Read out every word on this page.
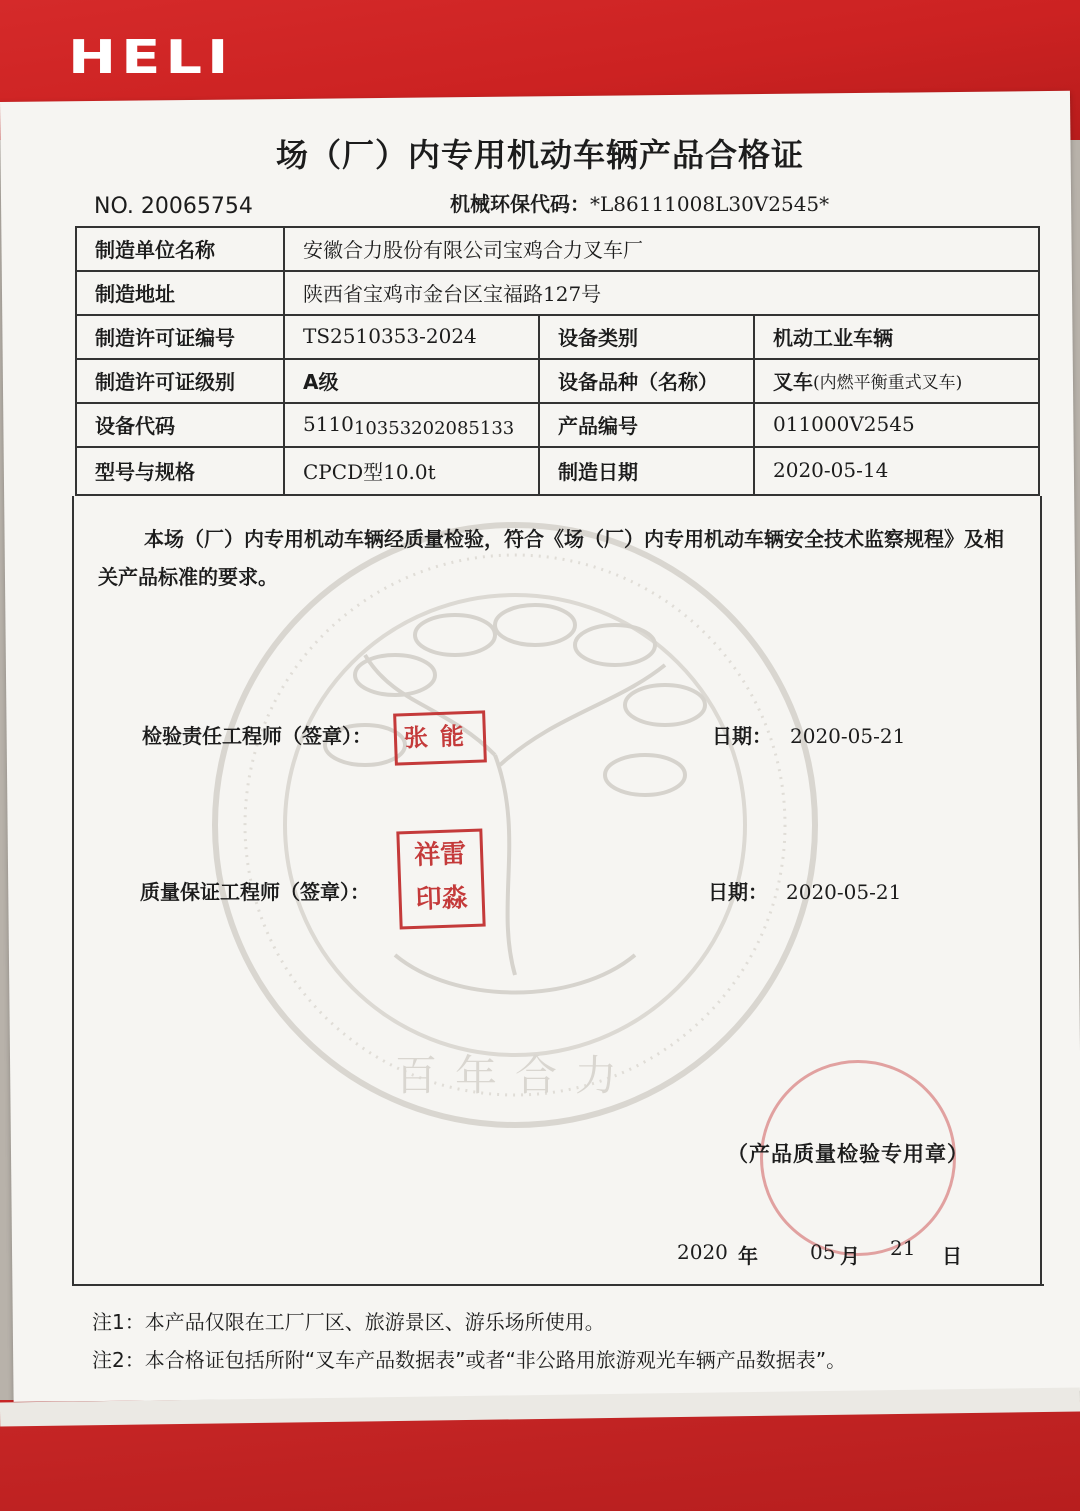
HELI
百年合力
场（厂）内专用机动车辆产品合格证
NO. 20065754	机械环保代码：*L86111008L30V2545*
制造单位名称	安徽合力股份有限公司宝鸡合力叉车厂
制造地址	陕西省宝鸡市金台区宝福路127号
制造许可证编号	TS2510353-2024	设备类别	机动工业车辆
制造许可证级别	A级	设备品种（名称）	叉车 (内燃平衡重式叉车)
设备代码	5110 10353202085133	产品编号	011000V2545
型号与规格	CPCD型10.0t	制造日期	2020-05-14
本场（厂）内专用机动车辆经质量检验，符合《场（厂）内专用机动车辆安全技术监察规程》及相关产品标准的要求。
检验责任工程师（签章）：	张能	日期： 2020-05-21
质量保证工程师（签章）：
祥雷
印淼	日期： 2020-05-21
（产品质量检验专用章）
2020 年	05 月 21 日
注1：本产品仅限在工厂厂区、旅游景区、游乐场所使用。
注2：本合格证包括所附“叉车产品数据表”或者“非公路用旅游观光车辆产品数据表”。
